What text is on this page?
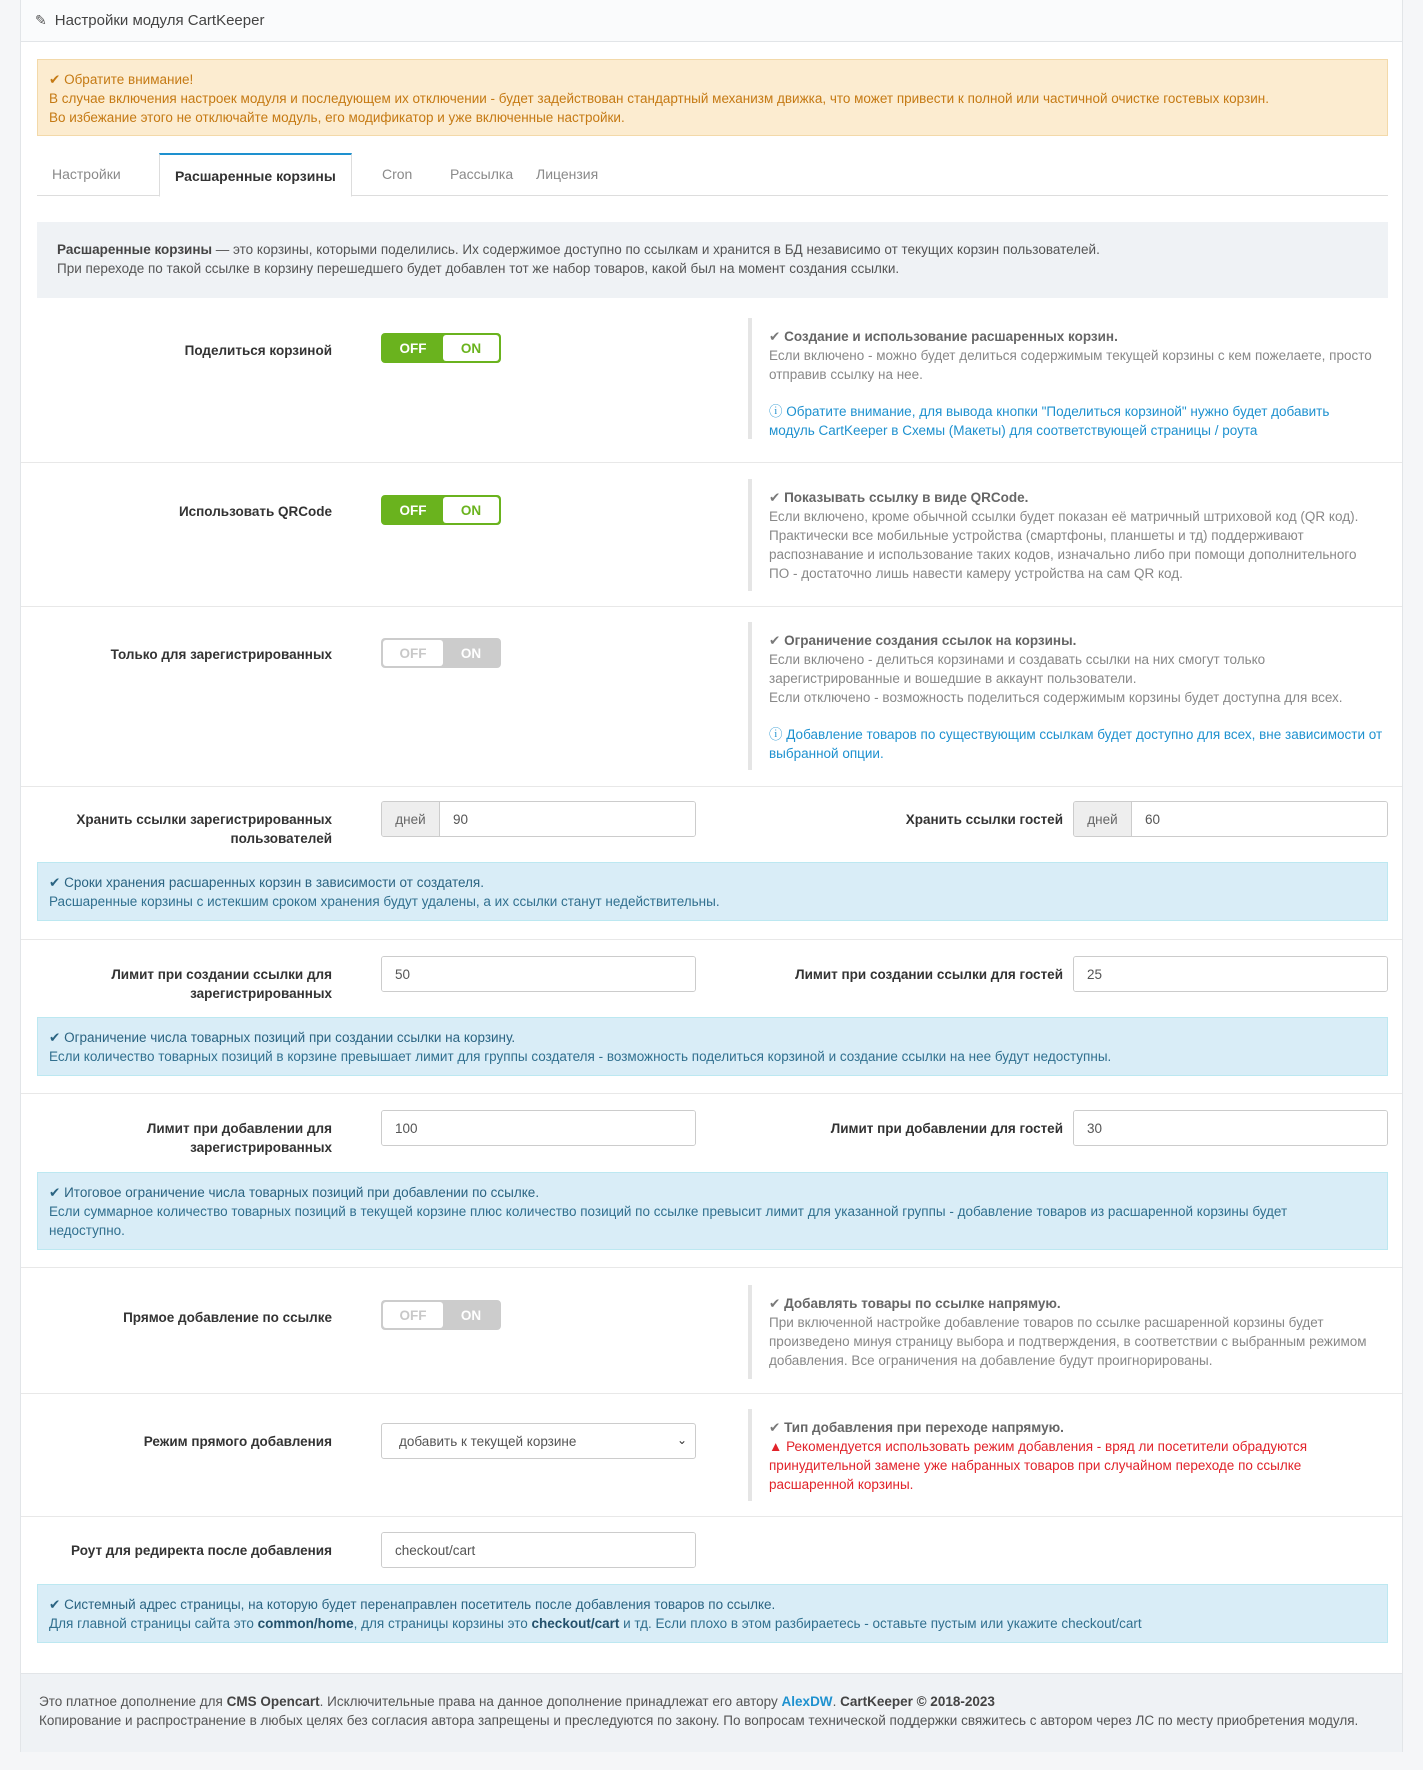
✎ Настройки модуля CartKeeper
✔ Обратите внимание!
В случае включения настроек модуля и последующем их отключении - будет задействован стандартный механизм движка, что может привести к полной или частичной очистке гостевых корзин.
Во избежание этого не отключайте модуль, его модификатор и уже включенные настройки.
Настройки	Расшаренные корзины	Cron	Рассылка	Лицензия
Расшаренные корзины — это корзины, которыми поделились. Их содержимое доступно по ссылкам и хранится в БД независимо от текущих корзин пользователей.
При переходе по такой ссылке в корзину перешедшего будет добавлен тот же набор товаров, какой был на момент создания ссылки.
Поделиться корзиной	OFF	ON
✔ Создание и использование расшаренных корзин.
Если включено - можно будет делиться содержимым текущей корзины с кем пожелаете, просто
отправив ссылку на нее.
ⓘ Обратите внимание, для вывода кнопки "Поделиться корзиной" нужно будет добавить
модуль CartKeeper в Схемы (Макеты) для соответствующей страницы / роута
Использовать QRCode	OFF	ON
✔ Показывать ссылку в виде QRCode.
Если включено, кроме обычной ссылки будет показан её матричный штриховой код (QR код).
Практически все мобильные устройства (смартфоны, планшеты и тд) поддерживают
распознавание и использование таких кодов, изначально либо при помощи дополнительного
ПО - достаточно лишь навести камеру устройства на сам QR код.
Только для зарегистрированных	OFF	ON
✔ Ограничение создания ссылок на корзины.
Если включено - делиться корзинами и создавать ссылки на них смогут только
зарегистрированные и вошедшие в аккаунт пользователи.
Если отключено - возможность поделиться содержимым корзины будет доступна для всех.
ⓘ Добавление товаров по существующим ссылкам будет доступно для всех, вне зависимости от
выбранной опции.
Хранить ссылки зарегистрированных
пользователей
дней	90	Хранить ссылки гостей	дней	60
✔ Сроки хранения расшаренных корзин в зависимости от создателя.
Расшаренные корзины с истекшим сроком хранения будут удалены, а их ссылки станут недействительны.
Лимит при создании ссылки для
зарегистрированных
50	Лимит при создании ссылки для гостей	25
✔ Ограничение числа товарных позиций при создании ссылки на корзину.
Если количество товарных позиций в корзине превышает лимит для группы создателя - возможность поделиться корзиной и создание ссылки на нее будут недоступны.
Лимит при добавлении для
зарегистрированных
100	Лимит при добавлении для гостей	30
✔ Итоговое ограничение числа товарных позиций при добавлении по ссылке.
Если суммарное количество товарных позиций в текущей корзине плюс количество позиций по ссылке превысит лимит для указанной группы - добавление товаров из расшаренной корзины будет
недоступно.
Прямое добавление по ссылке	OFF	ON
✔ Добавлять товары по ссылке напрямую.
При включенной настройке добавление товаров по ссылке расшаренной корзины будет
произведено минуя страницу выбора и подтверждения, в соответствии с выбранным режимом
добавления. Все ограничения на добавление будут проигнорированы.
Режим прямого добавления	добавить к текущей корзине	⌄
✔ Тип добавления при переходе напрямую.
▲ Рекомендуется использовать режим добавления - вряд ли посетители обрадуются
принудительной замене уже набранных товаров при случайном переходе по ссылке
расшаренной корзины.
Роут для редиректа после добавления	checkout/cart
✔ Системный адрес страницы, на которую будет перенаправлен посетитель после добавления товаров по ссылке.
Для главной страницы сайта это common/home, для страницы корзины это checkout/cart и тд. Если плохо в этом разбираетесь - оставьте пустым или укажите checkout/cart
Это платное дополнение для CMS Opencart. Исключительные права на данное дополнение принадлежат его автору AlexDW. CartKeeper © 2018-2023
Копирование и распространение в любых целях без согласия автора запрещены и преследуются по закону. По вопросам технической поддержки свяжитесь с автором через ЛС по месту приобретения модуля.
